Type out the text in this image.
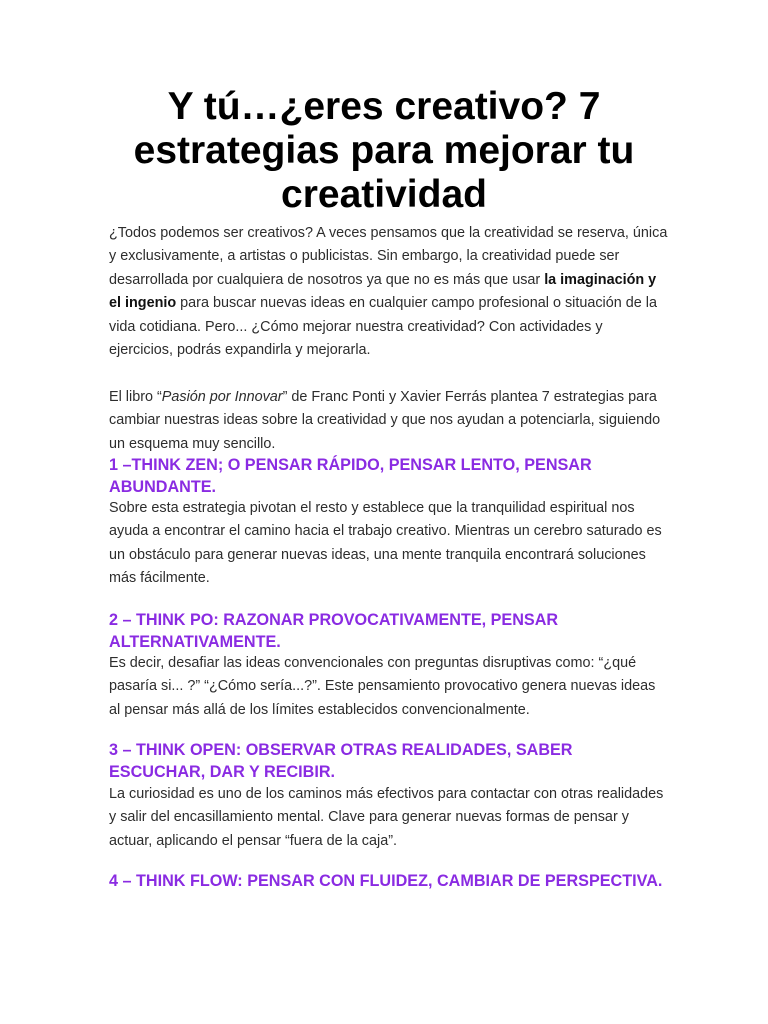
Y tú…¿eres creativo? 7 estrategias para mejorar tu creatividad

¿Todos podemos ser creativos? A veces pensamos que la creatividad se reserva, única y exclusivamente, a artistas o publicistas. Sin embargo, la creatividad puede ser desarrollada por cualquiera de nosotros ya que no es más que usar la imaginación y el ingenio para buscar nuevas ideas en cualquier campo profesional o situación de la vida cotidiana. Pero... ¿Cómo mejorar nuestra creatividad? Con actividades y ejercicios, podrás expandirla y mejorarla.

El libro “Pasión por Innovar” de Franc Ponti y Xavier Ferrás plantea 7 estrategias para cambiar nuestras ideas sobre la creatividad y que nos ayudan a potenciarla, siguiendo un esquema muy sencillo.

1 –THINK ZEN; O PENSAR RÁPIDO, PENSAR LENTO, PENSAR ABUNDANTE.

Sobre esta estrategia pivotan el resto y establece que la tranquilidad espiritual nos ayuda a encontrar el camino hacia el trabajo creativo. Mientras un cerebro saturado es un obstáculo para generar nuevas ideas, una mente tranquila encontrará soluciones más fácilmente.

2 – THINK PO: RAZONAR PROVOCATIVAMENTE, PENSAR ALTERNATIVAMENTE.

Es decir, desafiar las ideas convencionales con preguntas disruptivas como: “¿qué pasaría si... ?” “¿Cómo sería...?”. Este pensamiento provocativo genera nuevas ideas al pensar más allá de los límites establecidos convencionalmente.

3 – THINK OPEN: OBSERVAR OTRAS REALIDADES, SABER ESCUCHAR, DAR Y RECIBIR.

La curiosidad es uno de los caminos más efectivos para contactar con otras realidades y salir del encasillamiento mental. Clave para generar nuevas formas de pensar y actuar, aplicando el pensar “fuera de la caja”.

4 – THINK FLOW: PENSAR CON FLUIDEZ, CAMBIAR DE PERSPECTIVA.
